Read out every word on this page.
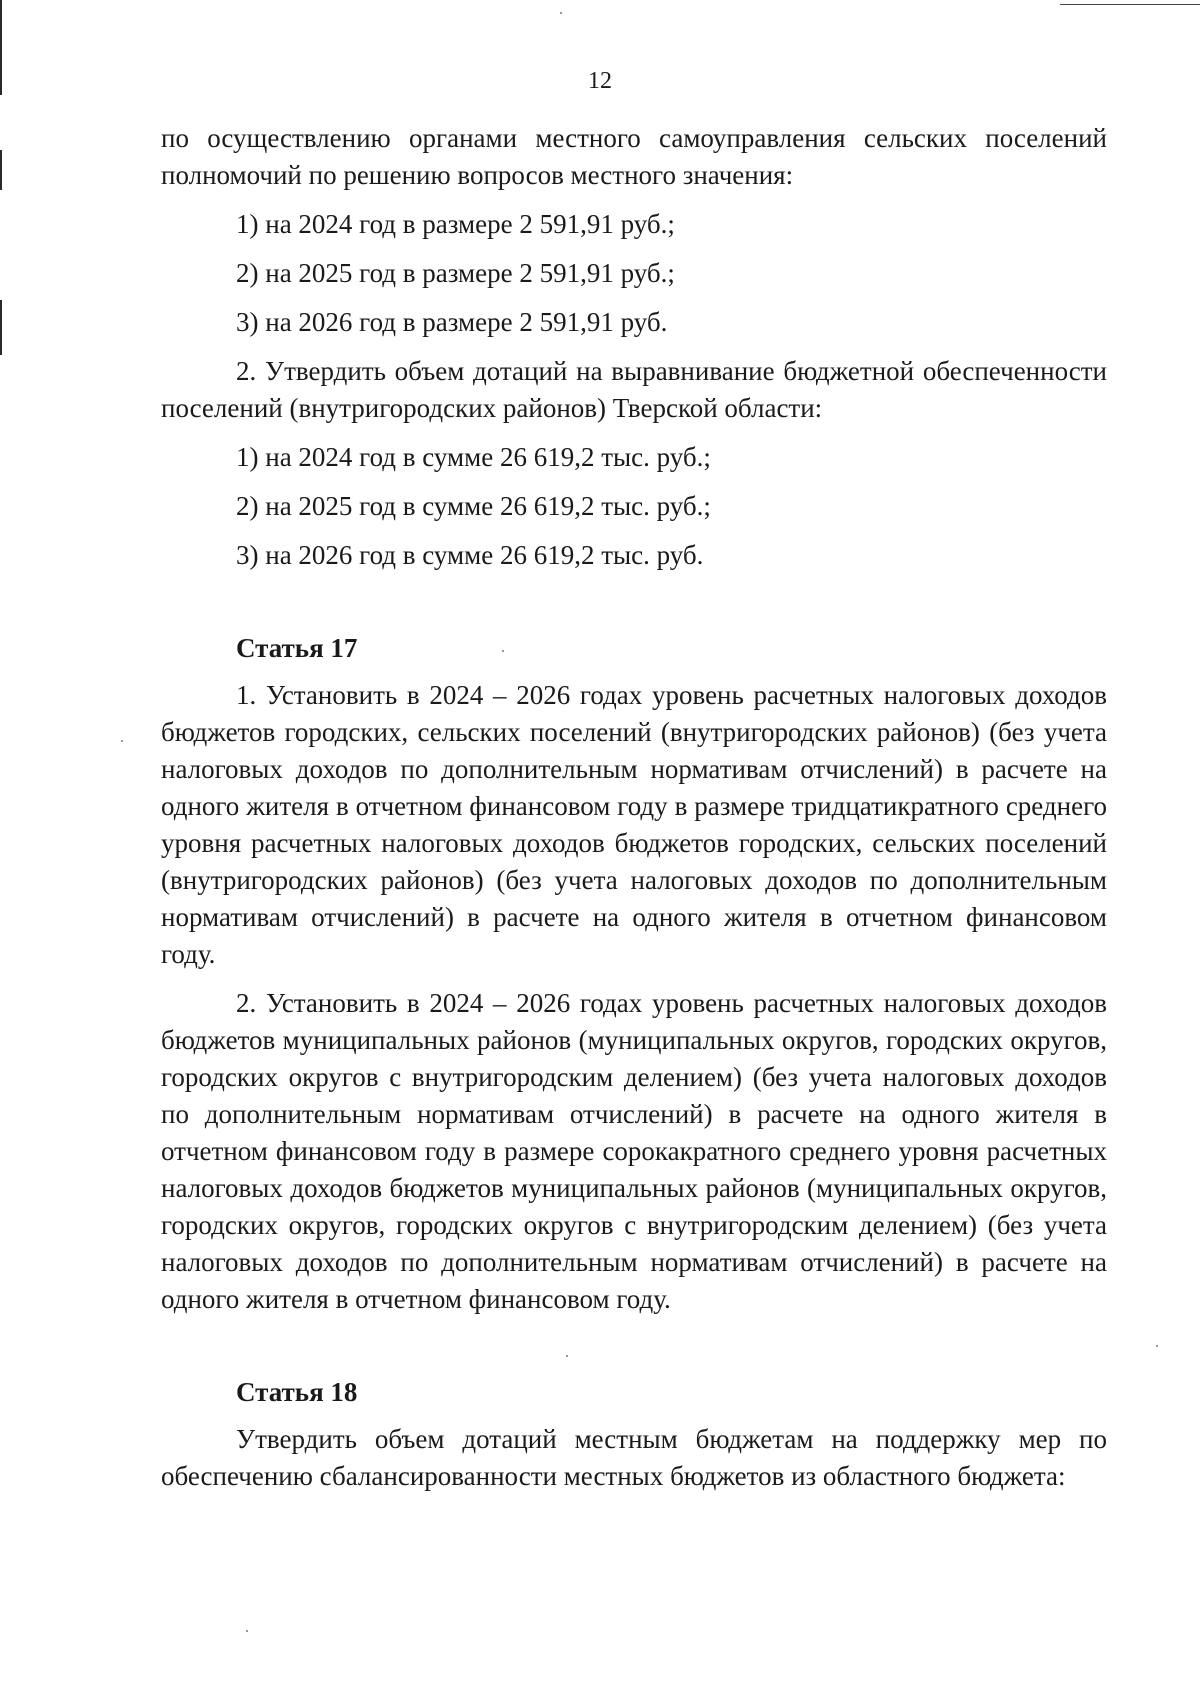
12

по осуществлению органами местного самоуправления сельских поселений полномочий по решению вопросов местного значения:

1) на 2024 год в размере 2 591,91 руб.;
2) на 2025 год в размере 2 591,91 руб.;
3) на 2026 год в размере 2 591,91 руб.

2. Утвердить объем дотаций на выравнивание бюджетной обеспеченности поселений (внутригородских районов) Тверской области:

1) на 2024 год в сумме 26 619,2 тыс. руб.;
2) на 2025 год в сумме 26 619,2 тыс. руб.;
3) на 2026 год в сумме 26 619,2 тыс. руб.
Статья 17

1. Установить в 2024 – 2026 годах уровень расчетных налоговых доходов бюджетов городских, сельских поселений (внутригородских районов) (без учета налоговых доходов по дополнительным нормативам отчислений) в расчете на одного жителя в отчетном финансовом году в размере тридцатикратного среднего уровня расчетных налоговых доходов бюджетов городских, сельских поселений (внутригородских районов) (без учета налоговых доходов по дополнительным нормативам отчислений) в расчете на одного жителя в отчетном финансовом году.

2. Установить в 2024 – 2026 годах уровень расчетных налоговых доходов бюджетов муниципальных районов (муниципальных округов, городских округов, городских округов с внутригородским делением) (без учета налоговых доходов по дополнительным нормативам отчислений) в расчете на одного жителя в отчетном финансовом году в размере сорокакратного среднего уровня расчетных налоговых доходов бюджетов муниципальных районов (муниципальных округов, городских округов, городских округов с внутригородским делением) (без учета налоговых доходов по дополнительным нормативам отчислений) в расчете на одного жителя в отчетном финансовом году.

Статья 18

Утвердить объем дотаций местным бюджетам на поддержку мер по обеспечению сбалансированности местных бюджетов из областного бюджета:
